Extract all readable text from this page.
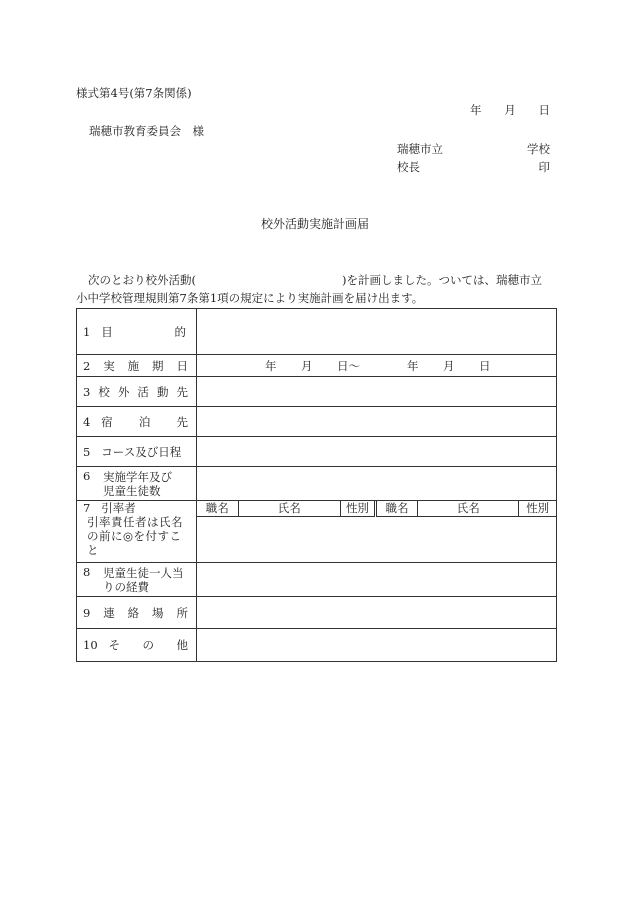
様式第4号(第7条関係)
年 月 日
瑞穂市教育委員会　様
瑞穂市立	学校
校長	印
校外活動実施計画届
次のとおり校外活動(	)を計画しました。ついては、瑞穂市立
小中学校管理規則第7条第1項の規定により実施計画を届け出ます。
1 目	的

2 実 施 期 日	年 月 日～	年 月 日

3 校 外 活 動 先

4 宿 泊 先

5 コース及び日程	

6 実施学年及び児童生徒数

7 引率者
引率責任者は氏名
の前に◎を付すこ
と

職名	氏名	性別	職名	氏名	性別

8 児童生徒一人当りの経費

9 連 絡 場 所

10 そ の 他
